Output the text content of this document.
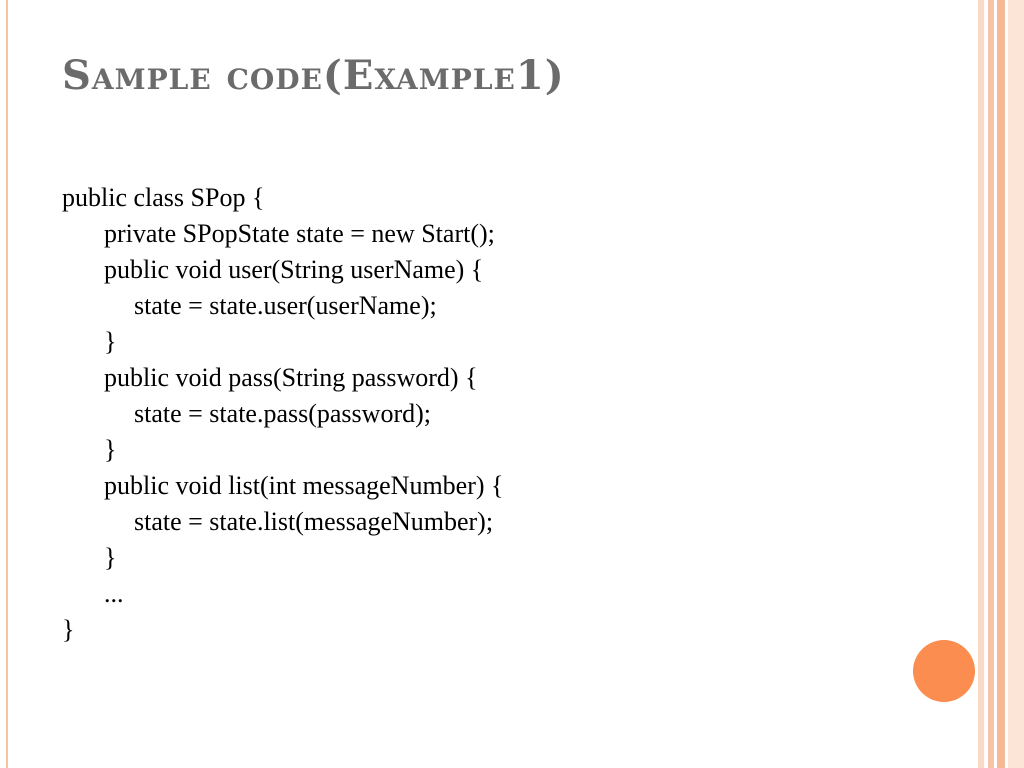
Sample code(Example1)
public class SPop {
private SPopState state = new Start();
public void user(String userName) {
state = state.user(userName);
}
public void pass(String password) {
state = state.pass(password);
}
public void list(int messageNumber) {
state = state.list(messageNumber);
}
...
}
